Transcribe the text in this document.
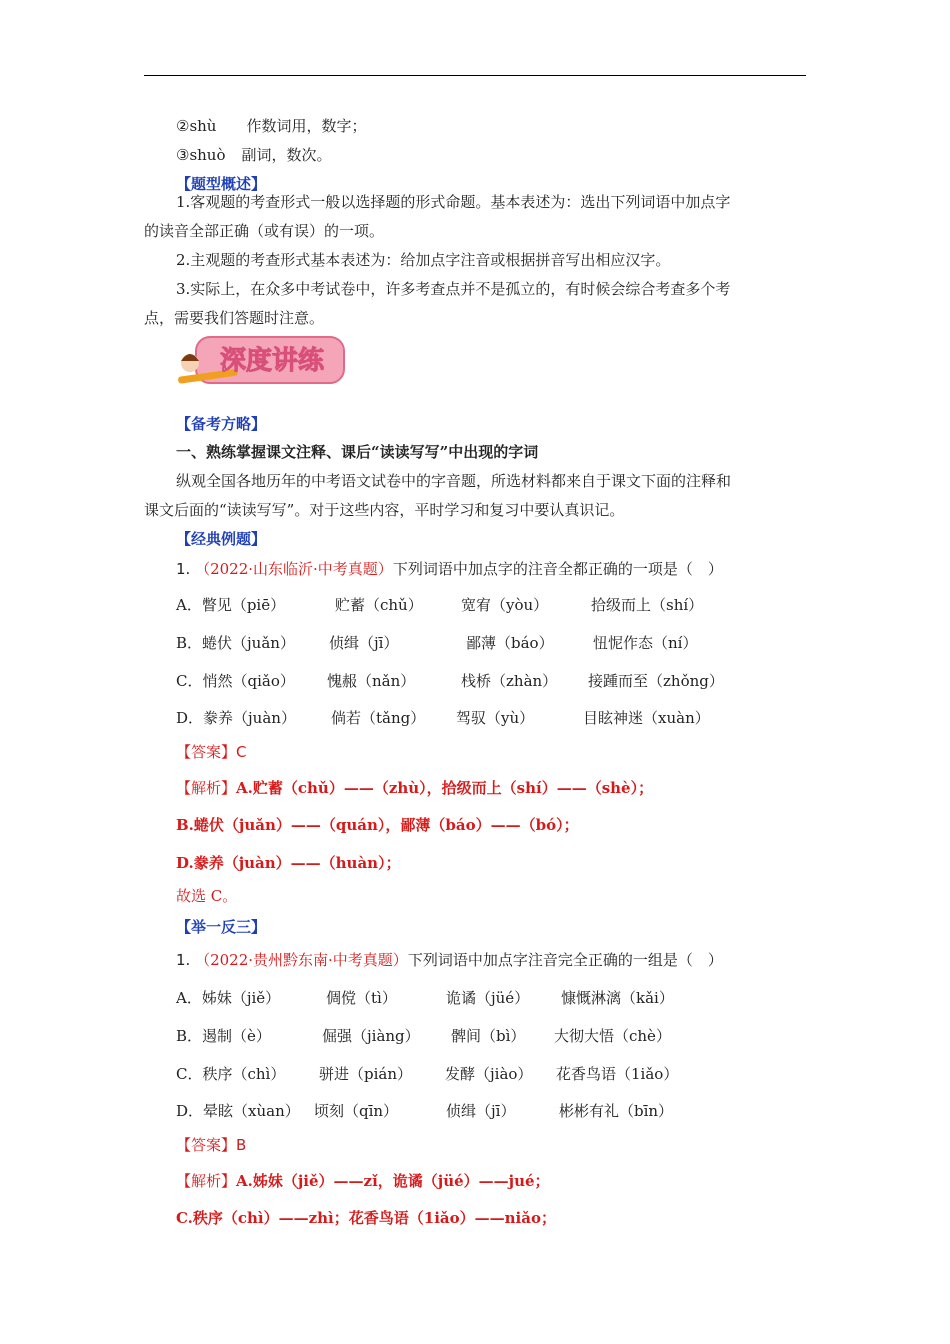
②shù 作数词用，数字；
③shuò 副词，数次。
【题型概述】
1.客观题的考查形式一般以选择题的形式命题。基本表述为：选出下列词语中加点字
的读音全部正确（或有误）的一项。
2.主观题的考查形式基本表述为：给加点字注音或根据拼音写出相应汉字。
3.实际上，在众多中考试卷中，许多考查点并不是孤立的，有时候会综合考查多个考
点，需要我们答题时注意。
深度讲练
【备考方略】
一、熟练掌握课文注释、课后“读读写写”中出现的字词
纵观全国各地历年的中考语文试卷中的字音题，所选材料都来自于课文下面的注释和
课文后面的“读读写写”。对于这些内容，平时学习和复习中要认真识记。
【经典例题】
1. （2022·山东临沂·中考真题）下列词语中加点字的注音全都正确的一项是（　）
A．瞥见（piē）	贮蓄（chǔ）	宽宥（yòu）	拾级而上（shí）
B．蜷伏（juǎn） 侦缉（jī）	鄙薄（báo）	忸怩作态（ní）
C．悄然（qiǎo） 愧赧（nǎn）	栈桥（zhàn） 接踵而至（zhǒng）
D．豢养（juàn） 倘若（tǎng） 驾驭（yù）	目眩神迷（xuàn）
【答案】C
【解析】A.贮蓄（chǔ）——（zhù），拾级而上（shí）——（shè）；
B.蜷伏（juǎn）——（quán），鄙薄（báo）——（bó）；
D.豢养（juàn）——（huàn）；
故选 C。
【举一反三】
1. （2022·贵州黔东南·中考真题）下列词语中加点字注音完全正确的一组是（　）
A．姊妹（jiě）	倜傥（tì）	诡谲（jüé） 慷慨淋漓（kǎi）
B．遏制（è）	倔强（jiàng） 髀间（bì） 大彻大悟（chè）
C．秩序（chì） 骈进（pián） 发酵（jiào） 花香鸟语（1iǎo）
D．晕眩（xùan） 顷刻（qīn）	侦缉（jī）	彬彬有礼（bīn）
【答案】B
【解析】A.姊妹（jiě）——zǐ，诡谲（jüé）——jué；
C.秩序（chì）——zhì；花香鸟语（1iǎo）——niǎo；
